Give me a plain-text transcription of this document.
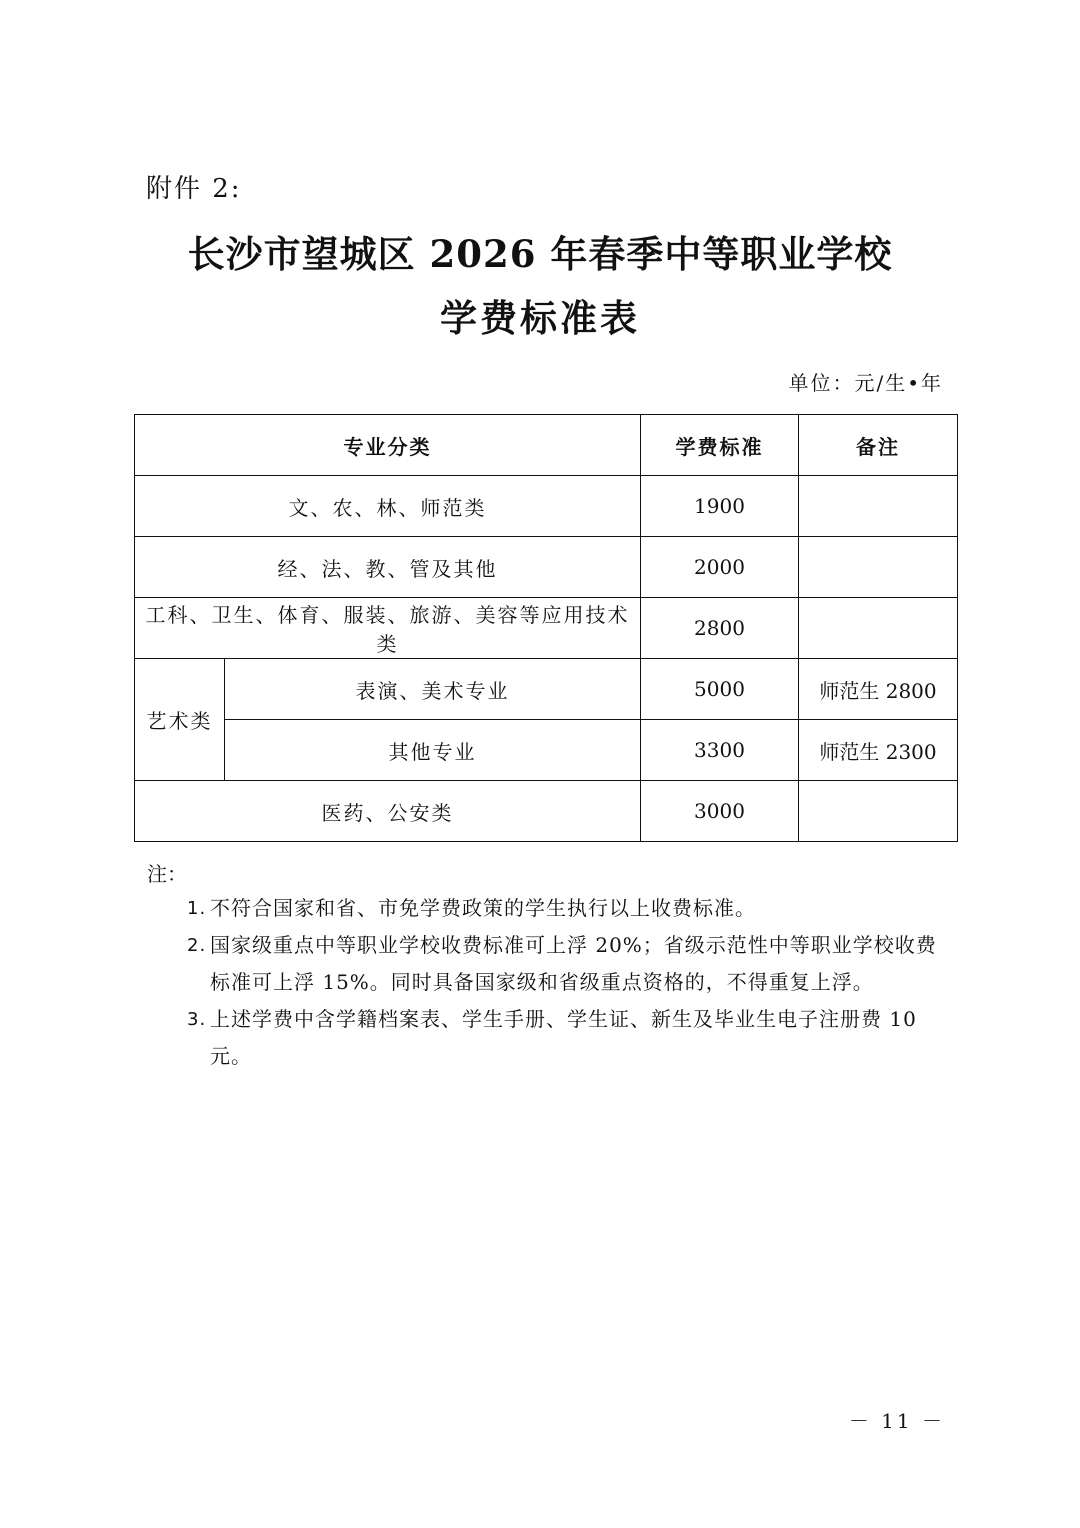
附件 2:
长沙市望城区 2026 年春季中等职业学校
学费标准表
单位：元/生•年
专业分类		学费标准	备注
文、农、林、师范类		1900	
经、法、教、管及其他		2000	
工科、卫生、体育、服装、旅游、美容等应用技术类		2800	
艺术类	表演、美术专业	5000	师范生 2800
	其他专业	3300	师范生 2300
医药、公安类		3000	
注：
1. 不符合国家和省、市免学费政策的学生执行以上收费标准。
2. 国家级重点中等职业学校收费标准可上浮 20%；省级示范性中等职业学校收费标准可上浮 15%。同时具备国家级和省级重点资格的，不得重复上浮。
3. 上述学费中含学籍档案表、学生手册、学生证、新生及毕业生电子注册费 10 元。
－ 11 －
